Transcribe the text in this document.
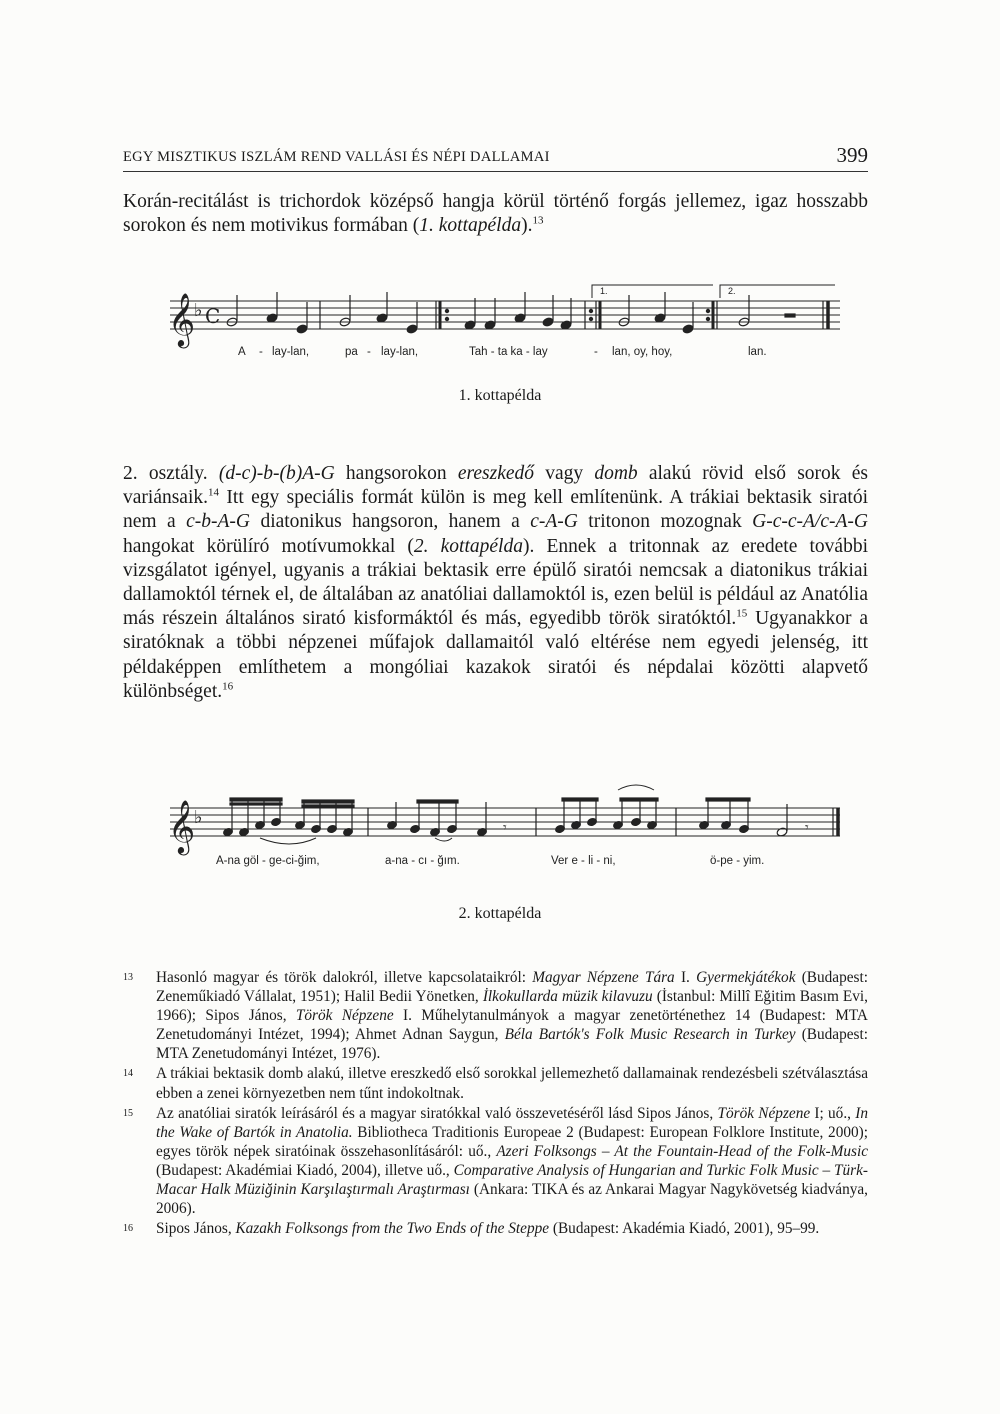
EGY MISZTIKUS ISZLÁM REND VALLÁSI ÉS NÉPI DALLAMAI	399

Korán-recitálást is trichordok középső hangja körül történő forgás jellemez, igaz hosszabb sorokon és nem motivikus formában (1. kottapélda).$^{13}$

𝄞
♭ C
1.	2.
A - lay-lan,	pa - lay-lan,	Tah - ta ka - lay	- lan, oy, hoy,	lan.
1. kottapélda

2. osztály. (d-c)-b-(b)A-G hangsorokon ereszkedő vagy domb alakú rövid első sorok és variánsaik.$^{14}$ Itt egy speciális formát külön is meg kell említenünk. A trákiai bektasik siratói nem a c-b-A-G diatonikus hangsoron, hanem a c-A-G tritonon mozognak G-c-c-A/c-A-G hangokat körülíró motívumokkal (2. kottapélda). Ennek a tritonnak az eredete további vizsgálatot igényel, ugyanis a trákiai bektasik erre épülő siratói nemcsak a diatonikus trákiai dallamoktól térnek el, de általában az anatóliai dallamoktól is, ezen belül is például az Anatólia más részein általános sirató kisformáktól és más, egyedibb török siratóktól.$^{15}$ Ugyanakkor a siratóknak a többi népzenei műfajok dallamaitól való eltérése nem egyedi jelenség, itt példaképpen említhetem a mongóliai kazakok siratói és népdalai közötti alapvető különbséget.$^{16}$

𝄞
♭	𝄾	𝄾
A-na göl - ge-ci-ğim,	a-na - cı - ğım.	Ver e - li - ni,	ö-pe - yim.
2. kottapélda
13 Hasonló magyar és török dalokról, illetve kapcsolataikról: Magyar Népzene Tára I. Gyermekjátékok (Budapest: Zeneműkiadó Vállalat, 1951); Halil Bedii Yönetken, İlkokullarda müzik kilavuzu (İstanbul: Millî Eğitim Basım Evi, 1966); Sipos János, Török Népzene I. Műhelytanulmányok a magyar zenetörténethez 14 (Budapest: MTA Zenetudományi Intézet, 1994); Ahmet Adnan Saygun, Béla Bartók's Folk Music Research in Turkey (Budapest: MTA Zenetudományi Intézet, 1976).
14 A trákiai bektasik domb alakú, illetve ereszkedő első sorokkal jellemezhető dallamainak rendezésbeli szétválasztása ebben a zenei környezetben nem tűnt indokoltnak.
15 Az anatóliai siratók leírásáról és a magyar siratókkal való összevetéséről lásd Sipos János, Török Népzene I; uő., In the Wake of Bartók in Anatolia. Bibliotheca Traditionis Europeae 2 (Budapest: European Folklore Institute, 2000); egyes török népek siratóinak összehasonlításáról: uő., Azeri Folksongs – At the Fountain-Head of the Folk-Music (Budapest: Akadémiai Kiadó, 2004), illetve uő., Comparative Analysis of Hungarian and Turkic Folk Music – Türk-Macar Halk Müziğinin Karşılaştırmalı Araştırması (Ankara: TIKA és az Ankarai Magyar Nagykövetség kiadványa, 2006).
16 Sipos János, Kazakh Folksongs from the Two Ends of the Steppe (Budapest: Akadémia Kiadó, 2001), 95–99.
